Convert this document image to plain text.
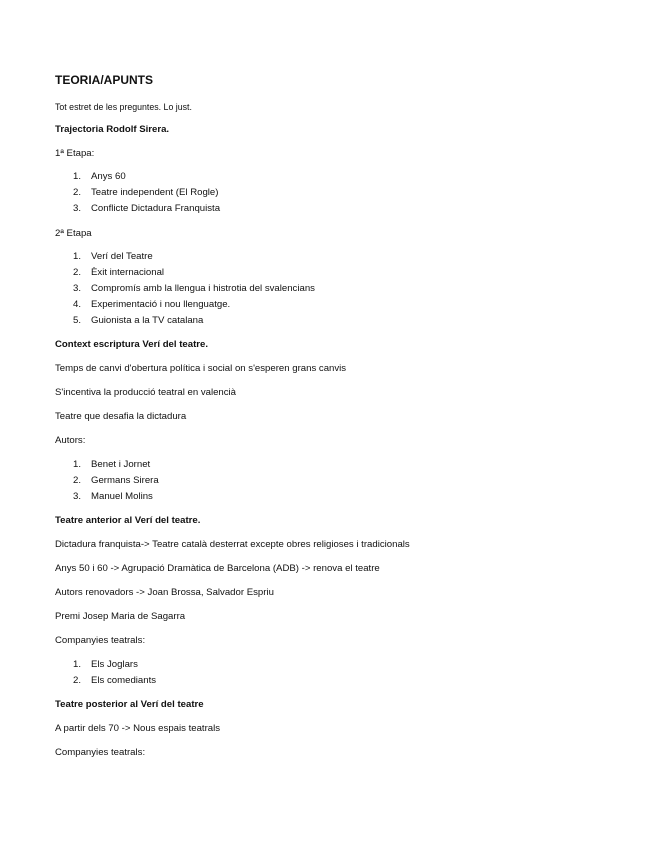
TEORIA/APUNTS
Tot estret de les preguntes. Lo just.
Trajectoria Rodolf Sirera.
1ª Etapa:
1. Anys 60
2. Teatre independent (El Rogle)
3. Conflicte Dictadura Franquista
2ª Etapa
1. Verí del Teatre
2. Èxit internacional
3. Compromís amb la llengua i histrotia del svalencians
4. Experimentació i nou llenguatge.
5. Guionista a la TV catalana
Context escriptura Verí del teatre.
Temps de canvi d'obertura política i social on s'esperen grans canvis
S'incentiva la producció teatral en valencià
Teatre que desafia la dictadura
Autors:
1. Benet i Jornet
2. Germans Sirera
3. Manuel Molins
Teatre anterior al Verí del teatre.
Dictadura franquista-> Teatre català desterrat excepte obres religioses i tradicionals
Anys 50 i 60 -> Agrupació Dramàtica de Barcelona (ADB) -> renova el teatre
Autors renovadors -> Joan Brossa, Salvador Espriu
Premi Josep Maria de Sagarra
Companyies teatrals:
1. Els Joglars
2. Els comediants
Teatre posterior al Verí del teatre
A partir dels 70 -> Nous espais teatrals
Companyies teatrals:
